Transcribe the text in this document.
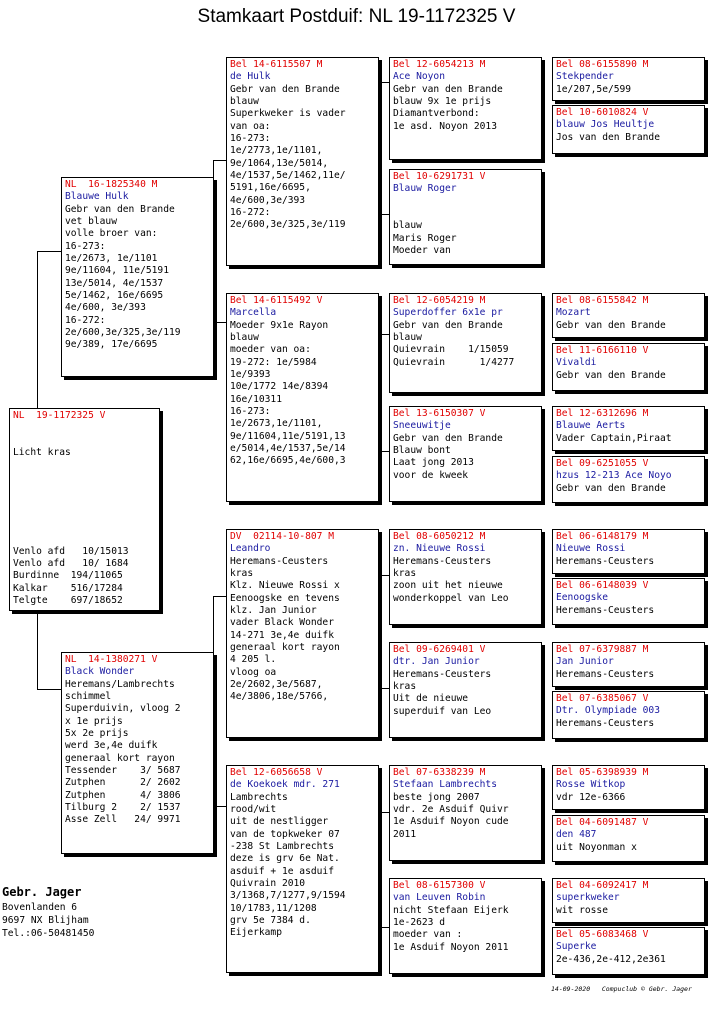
Stamkaart Postduif: NL 19-1172325 V
NL  19-1172325 V

Licht kras

Venlo afd   10/15013
Venlo afd   10/ 1684
Burdinne  194/11065
Kalkar    516/17284
Telgte    697/18652
NL  16-1825340 M
Blauwe Hulk
Gebr van den Brande
vet blauw
volle broer van:
16-273:
1e/2673, 1e/1101
9e/11604, 11e/5191
13e/5014, 4e/1537
5e/1462, 16e/6695
4e/600, 3e/393
16-272:
2e/600,3e/325,3e/119
9e/389, 17e/6695
NL  14-1380271 V
Black Wonder
Heremans/Lambrechts
schimmel
Superduivin, vloog 2
x 1e prijs
5x 2e prijs
werd 3e,4e duifk
generaal kort rayon
Tessender    3/ 5687
Zutphen      2/ 2602
Zutphen      4/ 3806
Tilburg 2    2/ 1537
Asse Zell   24/ 9971
Bel 14-6115507 M
de Hulk
Gebr van den Brande
blauw
Superkweker is vader
van oa:
16-273:
1e/2773,1e/1101,
9e/1064,13e/5014,
4e/1537,5e/1462,11e/
5191,16e/6695,
4e/600,3e/393
16-272:
2e/600,3e/325,3e/119
Bel 14-6115492 V
Marcella
Moeder 9x1e Rayon
blauw
moeder van oa:
19-272: 1e/5984
1e/9393
10e/1772 14e/8394
16e/10311
16-273:
1e/2673,1e/1101,
9e/11604,11e/5191,13
e/5014,4e/1537,5e/14
62,16e/6695,4e/600,3
DV  02114-10-807 M
Leandro
Heremans-Ceusters
kras
Klz. Nieuwe Rossi x
Eenoogske en tevens
klz. Jan Junior
vader Black Wonder
14-271 3e,4e duifk
generaal kort rayon
4 205 l.
vloog oa
2e/2602,3e/5687,
4e/3806,18e/5766,
Bel 12-6056658 V
de Koekoek mdr. 271
Lambrechts
rood/wit
uit de nestligger
van de topkweker 07
-238 St Lambrechts
deze is grv 6e Nat.
asduif + 1e asduif
Quivrain 2010
3/1368,7/1277,9/1594
10/1783,11/1208
grv 5e 7384 d.
Eijerkamp
Bel 12-6054213 M
Ace Noyon
Gebr van den Brande
blauw 9x 1e prijs
Diamantverbond:
1e asd. Noyon 2013
Bel 10-6291731 V
Blauw Roger

blauw
Maris Roger
Moeder van
Bel 12-6054219 M
Superdoffer 6x1e pr
Gebr van den Brande
blauw
Quievrain    1/15059
Quievrain      1/4277
Bel 13-6150307 V
Sneeuwitje
Gebr van den Brande
Blauw bont
Laat jong 2013
voor de kweek
Bel 08-6050212 M
zn. Nieuwe Rossi
Heremans-Ceusters
kras
zoon uit het nieuwe
wonderkoppel van Leo
Bel 09-6269401 V
dtr. Jan Junior
Heremans-Ceusters
kras
Uit de nieuwe
superduif van Leo
Bel 07-6338239 M
Stefaan Lambrechts
beste jong 2007
vdr. 2e Asduif Quivr
1e Asduif Noyon cude
2011
Bel 08-6157300 V
van Leuven Robin
nicht Stefaan Eijerk
1e-2623 d
moeder van :
1e Asduif Noyon 2011
Bel 08-6155890 M
Stekpender
1e/207,5e/599
Bel 10-6010824 V
blauw Jos Heultje
Jos van den Brande
Bel 08-6155842 M
Mozart
Gebr van den Brande
Bel 11-6166110 V
Vivaldi
Gebr van den Brande
Bel 12-6312696 M
Blauwe Aerts
Vader Captain,Piraat
Bel 09-6251055 V
hzus 12-213 Ace Noyo
Gebr van den Brande
Bel 06-6148179 M
Nieuwe Rossi
Heremans-Ceusters
Bel 06-6148039 V
Eenoogske
Heremans-Ceusters
Bel 07-6379887 M
Jan Junior
Heremans-Ceusters
Bel 07-6385067 V
Dtr. Olympiade 003
Heremans-Ceusters
Bel 05-6398939 M
Rosse Witkop
vdr 12e-6366
Bel 04-6091487 V
den 487
uit Noyonman x
Bel 04-6092417 M
superkweker
wit rosse
Bel 05-6083468 V
Superke
2e-436,2e-412,2e361
Gebr. Jager
Bovenlanden 6
9697 NX Blijham
Tel.:06-50481450
14-09-2020   Compuclub © Gebr. Jager
